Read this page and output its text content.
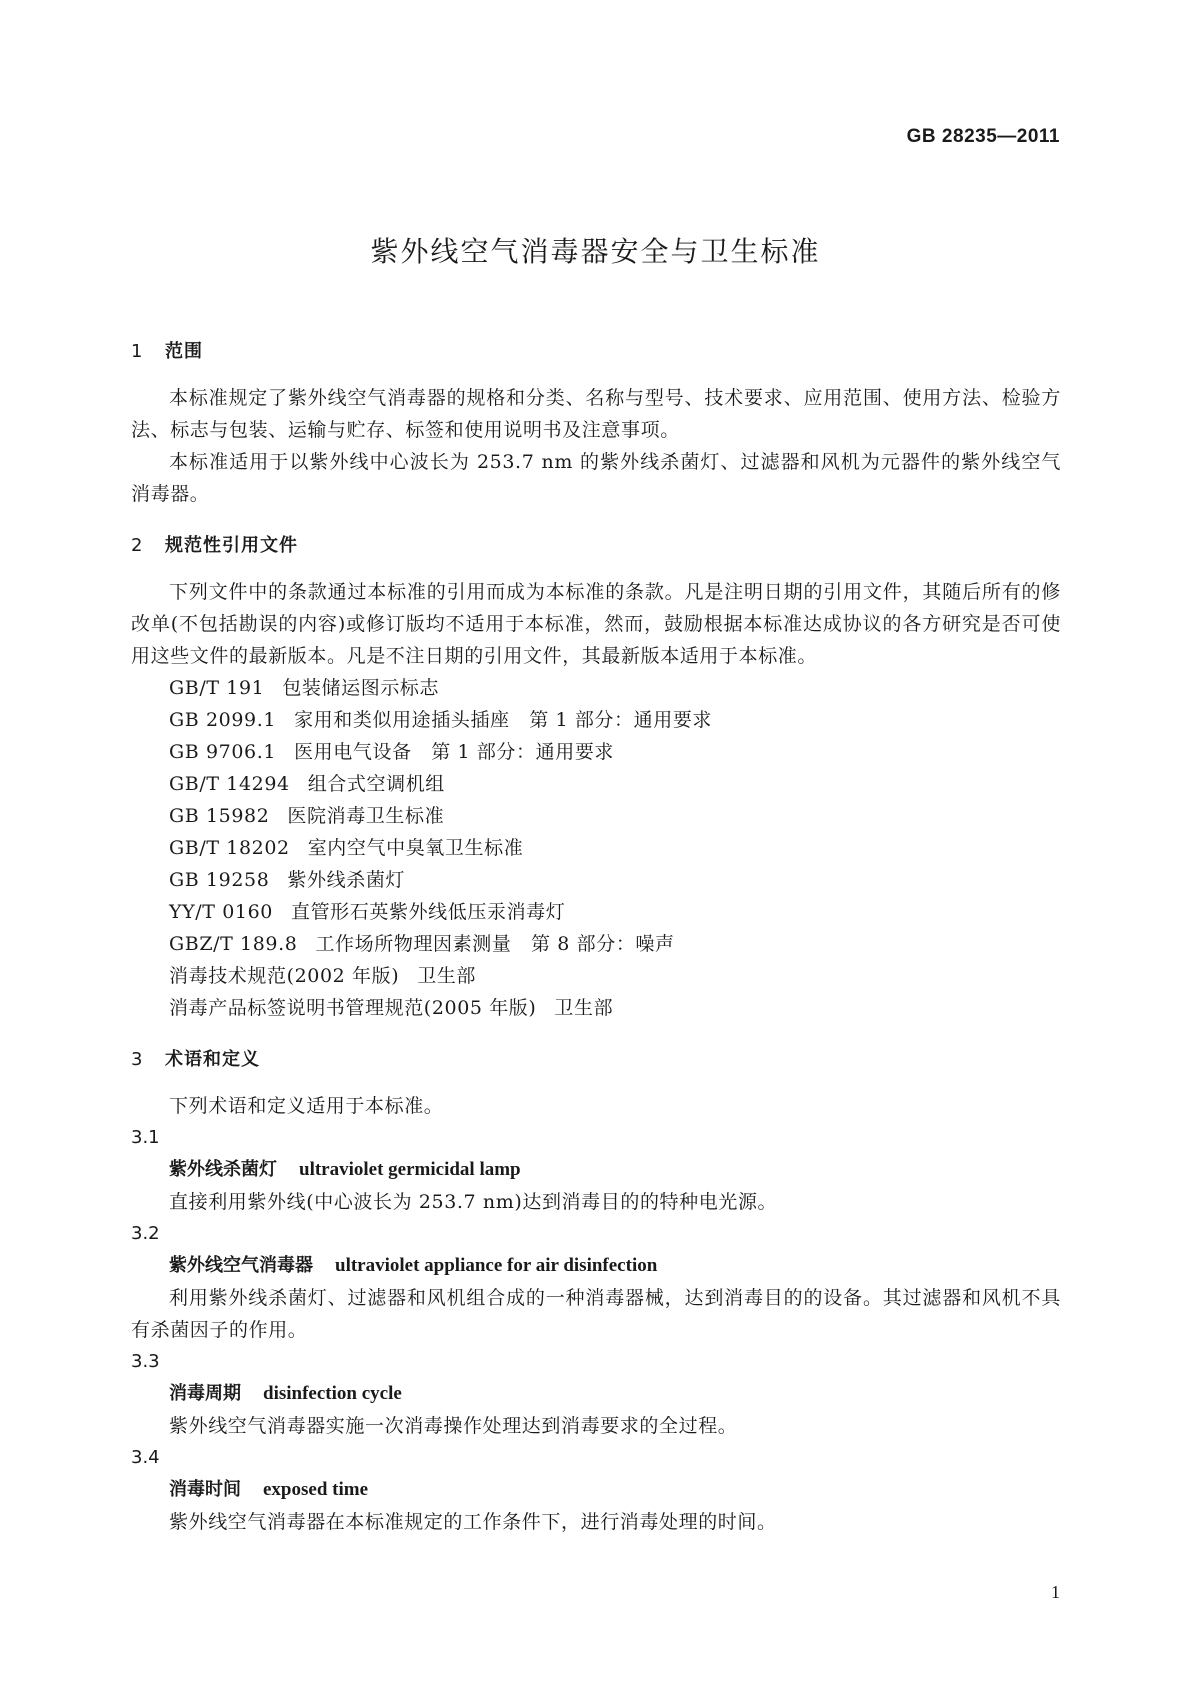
GB 28235—2011
紫外线空气消毒器安全与卫生标准
1 范围

本标准规定了紫外线空气消毒器的规格和分类、名称与型号、技术要求、应用范围、使用方法、检验方法、标志与包装、运输与贮存、标签和使用说明书及注意事项。

本标准适用于以紫外线中心波长为 253.7 nm 的紫外线杀菌灯、过滤器和风机为元器件的紫外线空气消毒器。

2 规范性引用文件

下列文件中的条款通过本标准的引用而成为本标准的条款。凡是注明日期的引用文件，其随后所有的修改单(不包括勘误的内容)或修订版均不适用于本标准，然而，鼓励根据本标准达成协议的各方研究是否可使用这些文件的最新版本。凡是不注日期的引用文件，其最新版本适用于本标准。

GB/T 191 包装储运图示标志
GB 2099.1 家用和类似用途插头插座　第 1 部分：通用要求
GB 9706.1 医用电气设备　第 1 部分：通用要求
GB/T 14294 组合式空调机组
GB 15982 医院消毒卫生标准
GB/T 18202 室内空气中臭氧卫生标准
GB 19258 紫外线杀菌灯
YY/T 0160 直管形石英紫外线低压汞消毒灯
GBZ/T 189.8 工作场所物理因素测量　第 8 部分：噪声
消毒技术规范(2002 年版) 卫生部
消毒产品标签说明书管理规范(2005 年版) 卫生部
3 术语和定义

下列术语和定义适用于本标准。

3.1

紫外线杀菌灯 ultraviolet germicidal lamp

直接利用紫外线(中心波长为 253.7 nm)达到消毒目的的特种电光源。

3.2

紫外线空气消毒器 ultraviolet appliance for air disinfection

利用紫外线杀菌灯、过滤器和风机组合成的一种消毒器械，达到消毒目的的设备。其过滤器和风机不具有杀菌因子的作用。

3.3

消毒周期 disinfection cycle

紫外线空气消毒器实施一次消毒操作处理达到消毒要求的全过程。

3.4

消毒时间 exposed time

紫外线空气消毒器在本标准规定的工作条件下，进行消毒处理的时间。

1
